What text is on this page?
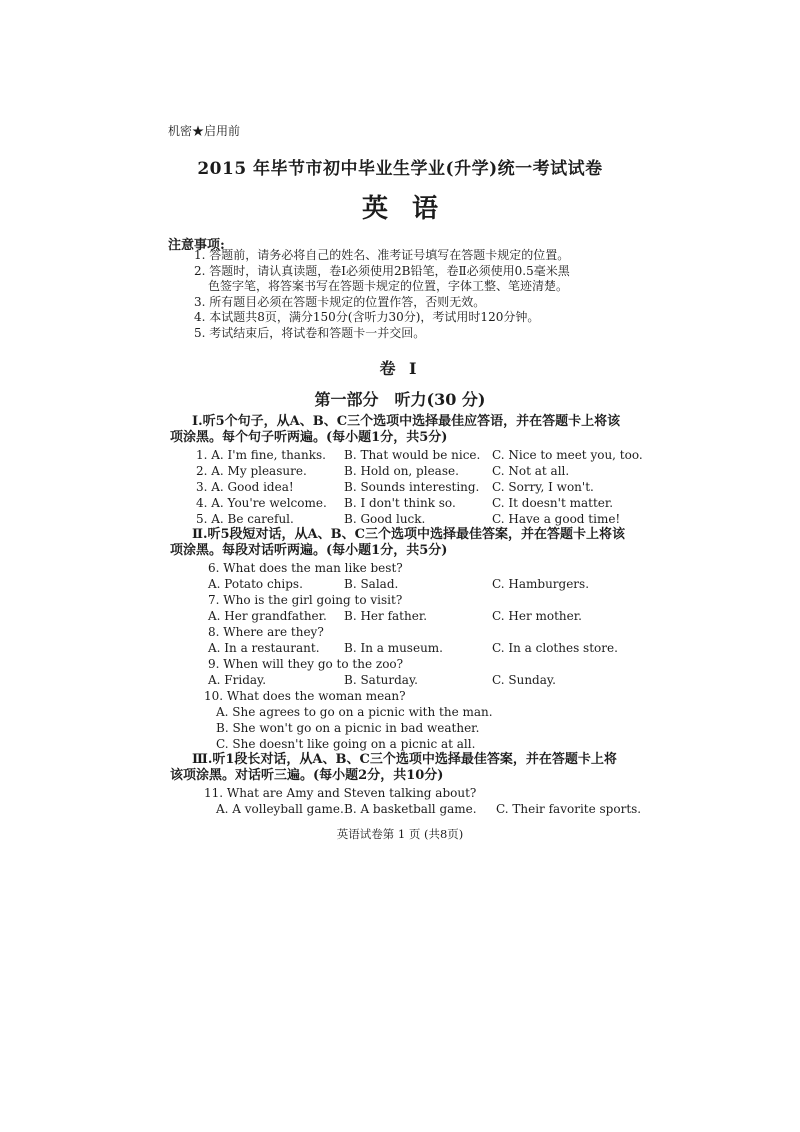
机密★启用前
2015 年毕节市初中毕业生学业(升学)统一考试试卷
英语
注意事项:
1. 答题前，请务必将自己的姓名、准考证号填写在答题卡规定的位置。
2. 答题时，请认真读题，卷Ⅰ必须使用2B铅笔，卷Ⅱ必须使用0.5毫米黑
色签字笔，将答案书写在答题卡规定的位置，字体工整、笔迹清楚。
3. 所有题目必须在答题卡规定的位置作答，否则无效。
4. 本试题共8页，满分150分(含听力30分)，考试用时120分钟。
5. 考试结束后，将试卷和答题卡一并交回。
卷 Ⅰ
第一部分　听力(30 分)
Ⅰ.听5个句子，从A、B、C三个选项中选择最佳应答语，并在答题卡上将该
项涂黑。每个句子听两遍。(每小题1分，共5分)
1. A. I'm fine, thanks. B. That would be nice. C. Nice to meet you, too.
2. A. My pleasure.	B. Hold on, please.	C. Not at all.
3. A. Good idea!	B. Sounds interesting. C. Sorry, I won't.
4. A. You're welcome. B. I don't think so.	C. It doesn't matter.
5. A. Be careful.	B. Good luck.	C. Have a good time!
Ⅱ.听5段短对话，从A、B、C三个选项中选择最佳答案，并在答题卡上将该
项涂黑。每段对话听两遍。(每小题1分，共5分)
6. What does the man like best?
A. Potato chips.	B. Salad.	C. Hamburgers.
7. Who is the girl going to visit?
A. Her grandfather. B. Her father.	C. Her mother.
8. Where are they?
A. In a restaurant. B. In a museum.	C. In a clothes store.
9. When will they go to the zoo?
A. Friday.	B. Saturday.	C. Sunday.
10. What does the woman mean?
A. She agrees to go on a picnic with the man.
B. She won't go on a picnic in bad weather.
C. She doesn't like going on a picnic at all.
Ⅲ.听1段长对话，从A、B、C三个选项中选择最佳答案，并在答题卡上将
该项涂黑。对话听三遍。(每小题2分，共10分)
11. What are Amy and Steven talking about?
A. A volleyball game. B. A basketball game. C. Their favorite sports.
英语试卷第 1 页 (共8页)
